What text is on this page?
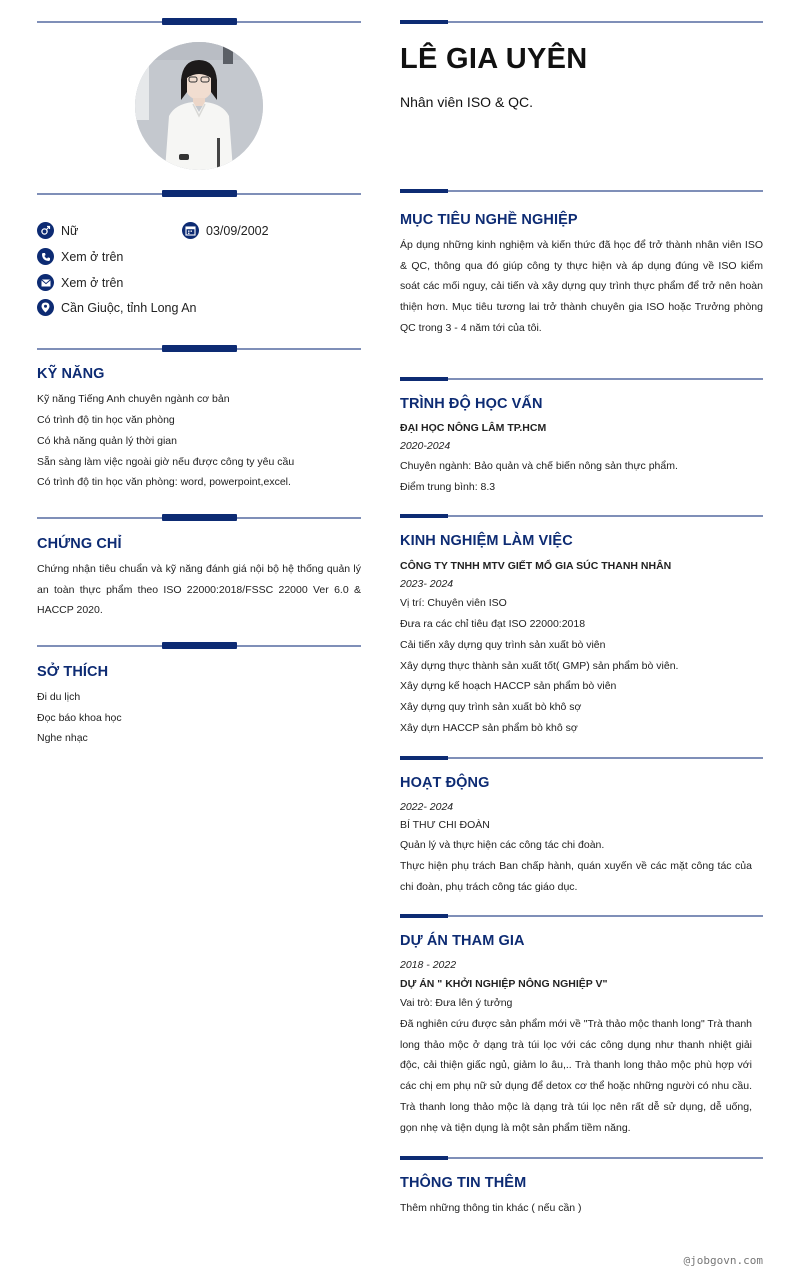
Nữ	03/09/2002
Xem ở trên
Xem ở trên
Cần Giuộc, tỉnh Long An
KỸ NĂNG
Kỹ năng Tiếng Anh chuyên ngành cơ bản
Có trình độ tin học văn phòng
Có khả năng quản lý thời gian
Sẵn sàng làm việc ngoài giờ nếu được công ty yêu cầu
Có trình độ tin học văn phòng: word, powerpoint,excel.
CHỨNG CHỈ
Chứng nhận tiêu chuẩn và kỹ năng đánh giá nội bộ hệ thống quản lý an toàn thực phẩm theo ISO 22000:2018/FSSC 22000 Ver 6.0 & HACCP 2020.
SỞ THÍCH
Đi du lịch
Đọc báo khoa học
Nghe nhạc
LÊ GIA UYÊN
Nhân viên ISO & QC.
MỤC TIÊU NGHỀ NGHIỆP
Áp dụng những kinh nghiệm và kiến thức đã học để trở thành nhân viên ISO & QC, thông qua đó giúp công ty thực hiện và áp dụng đúng về ISO kiểm soát các mối nguy, cải tiến và xây dựng quy trình thực phẩm để trở nên hoàn thiện hơn. Mục tiêu tương lai trở thành chuyên gia ISO hoặc Trưởng phòng QC trong 3 - 4 năm tới của tôi.
TRÌNH ĐỘ HỌC VẤN
ĐẠI HỌC NÔNG LÂM TP.HCM
2020-2024
Chuyên ngành: Bảo quản và chế biến nông sản thực phẩm.
Điểm trung bình: 8.3
KINH NGHIỆM LÀM VIỆC
CÔNG TY TNHH MTV GIẾT MỔ GIA SÚC THANH NHÂN
2023- 2024
Vị trí: Chuyên viên ISO
Đưa ra các chỉ tiêu đạt ISO 22000:2018
Cải tiến xây dựng quy trình sản xuất bò viên
Xây dựng thực thành sản xuất tốt( GMP) sản phẩm bò viên.
Xây dựng kế hoạch HACCP sản phẩm bò viên
Xây dựng quy trình sản xuất bò khô sợ
Xây dựn HACCP sản phẩm bò khô sợ
HOẠT ĐỘNG
2022- 2024
BÍ THƯ CHI ĐOÀN
Quản lý và thực hiện các công tác chi đoàn.
Thực hiện phụ trách Ban chấp hành, quán xuyến về các mặt công tác của chi đoàn, phụ trách công tác giáo dục.
DỰ ÁN THAM GIA
2018 - 2022
DỰ ÁN " KHỞI NGHIỆP NÔNG NGHIỆP V"
Vai trò: Đưa lên ý tưởng
Đã nghiên cứu được sản phẩm mới về "Trà thảo mộc thanh long" Trà thanh long thảo mộc ở dạng trà túi lọc với các công dụng như thanh nhiệt giải độc, cải thiện giấc ngủ, giảm lo âu,.. Trà thanh long thảo mộc phù hợp với các chị em phụ nữ sử dụng để detox cơ thể hoặc những người có nhu cầu. Trà thanh long thảo mộc là dạng trà túi lọc nên rất dễ sử dụng, dễ uống, gọn nhẹ và tiện dụng là một sản phẩm tiềm năng.
THÔNG TIN THÊM
Thêm những thông tin khác ( nếu cần )
@jobgovn.com
